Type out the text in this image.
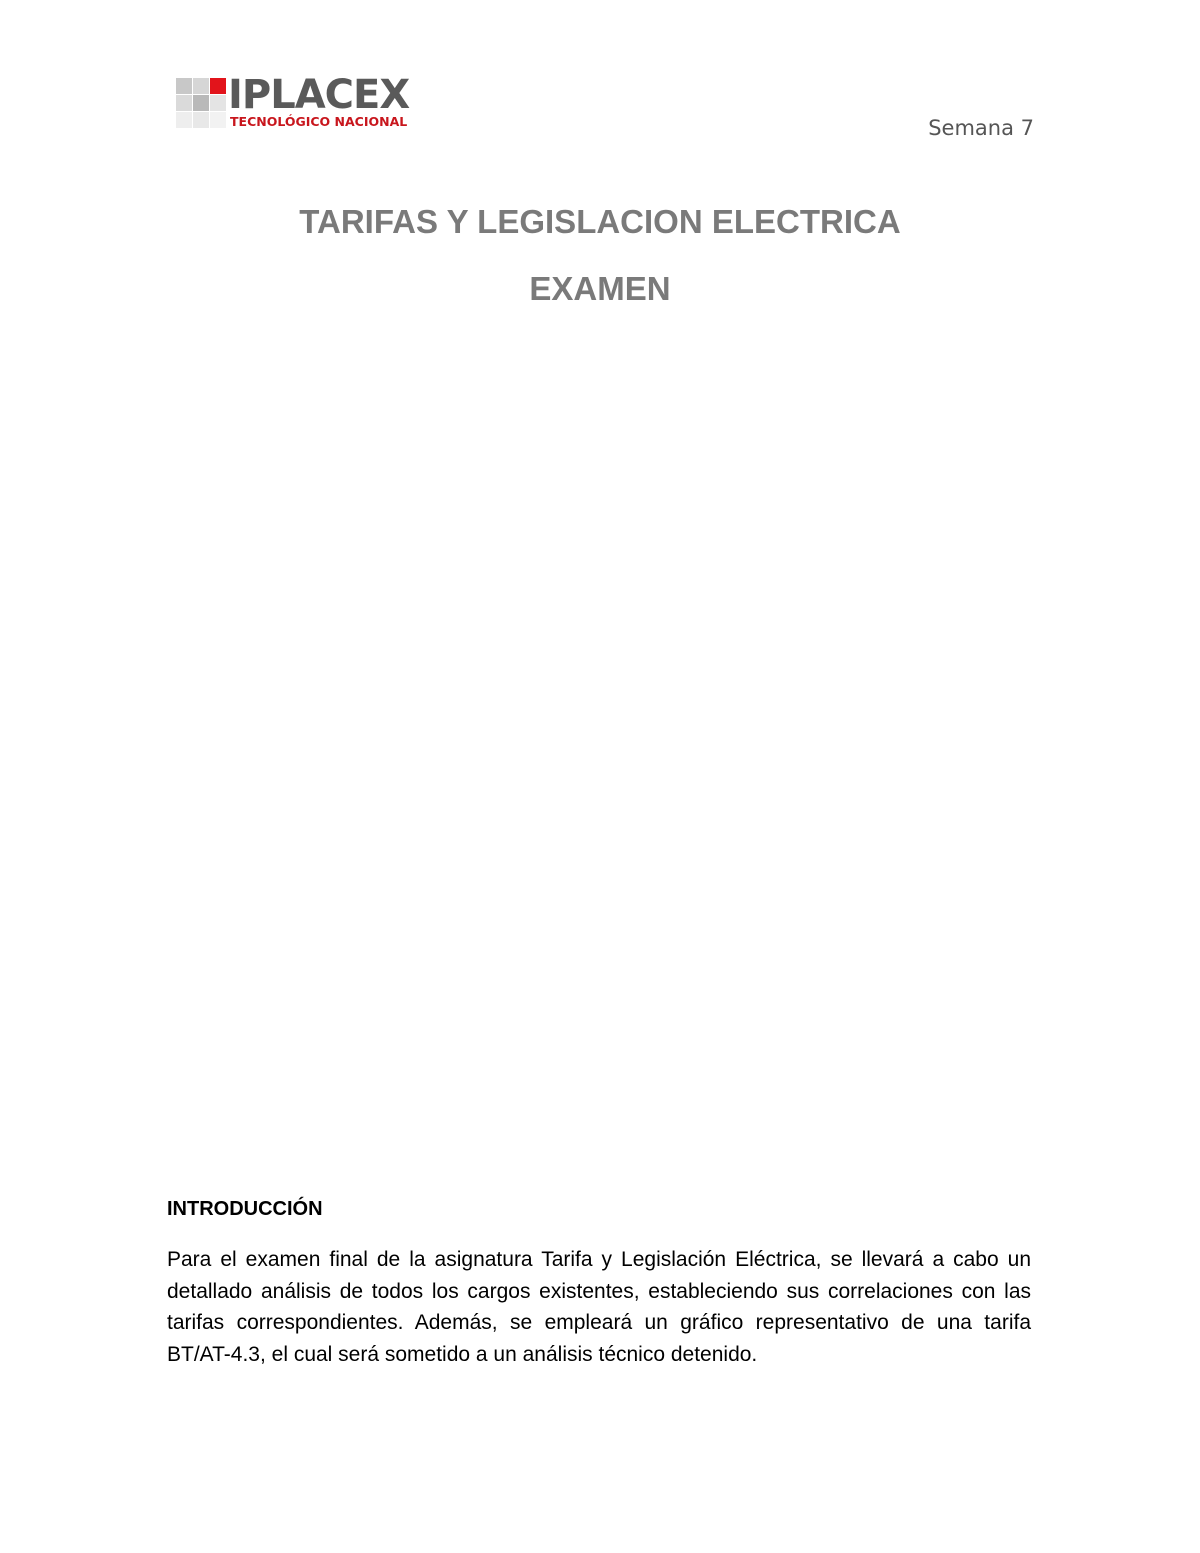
IPLACEX
TECNOLÓGICO NACIONAL	Semana 7
TARIFAS Y LEGISLACION ELECTRICA
EXAMEN
INTRODUCCIÓN
Para el examen final de la asignatura Tarifa y Legislación Eléctrica, se llevará a cabo un detallado análisis de todos los cargos existentes, estableciendo sus correlaciones con las tarifas correspondientes. Además, se empleará un gráfico representativo de una tarifa BT/AT-4.3, el cual será sometido a un análisis técnico detenido.
